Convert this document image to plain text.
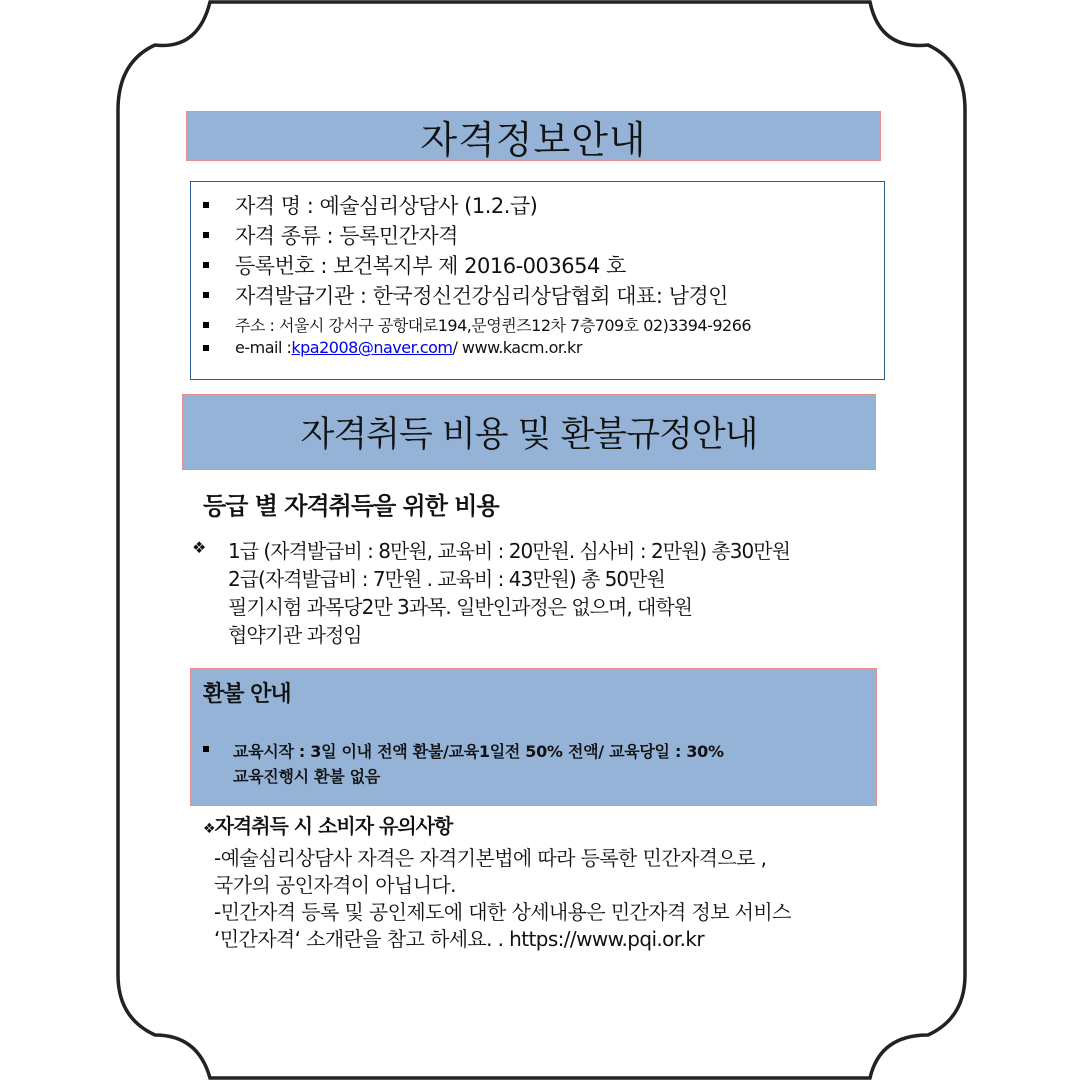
자격정보안내
자격 명 : 예술심리상담사 (1.2.급)
자격 종류 : 등록민간자격
등록번호 : 보건복지부 제 2016-003654 호
자격발급기관 : 한국정신건강심리상담협회 대표: 남경인
주소 : 서울시 강서구 공항대로194,문영퀸즈12차 7층709호 02)3394-9266
e-mail : kpa2008@naver.com / www.kacm.or.kr
자격취득 비용 및 환불규정안내
등급 별 자격취득을 위한 비용
❖ 1급 (자격발급비 : 8만원, 교육비 : 20만원. 심사비 : 2만원) 총30만원
2급(자격발급비 : 7만원 . 교육비 : 43만원) 총 50만원
필기시험 과목당2만 3과목. 일반인과정은 없으며, 대학원
협약기관 과정임
환불 안내
교육시작 : 3일 이내 전액 환불/교육1일전 50% 전액/ 교육당일 : 30%
교육진행시 환불 없음
❖자격취득 시 소비자 유의사항
-예술심리상담사 자격은 자격기본법에 따라 등록한 민간자격으로 ,
국가의 공인자격이 아닙니다.
-민간자격 등록 및 공인제도에 대한 상세내용은 민간자격 정보 서비스
‘민간자격‘ 소개란을 참고 하세요. . https://www.pqi.or.kr
